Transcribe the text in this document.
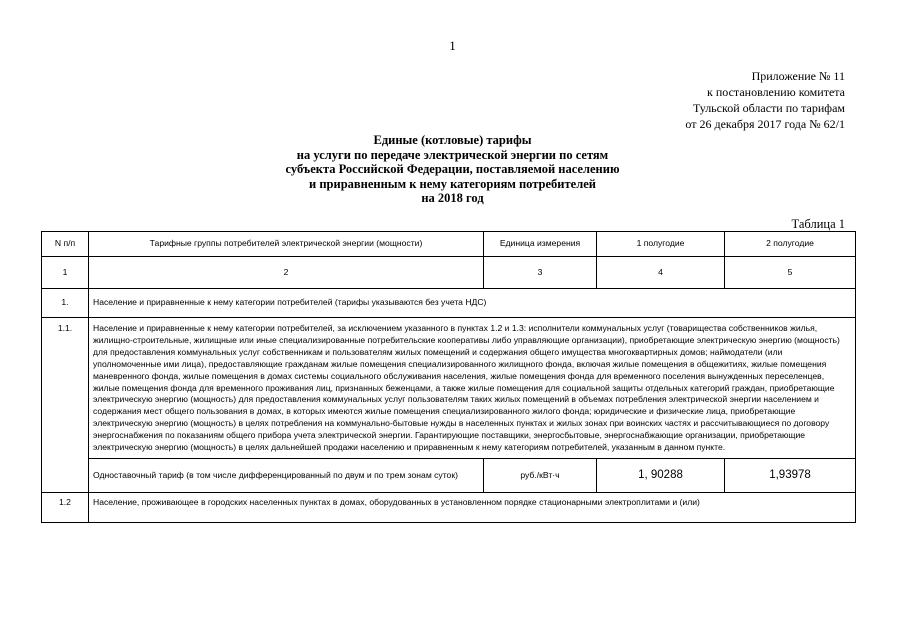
1
Приложение № 11
к постановлению комитета
Тульской области по тарифам
от 26 декабря 2017 года № 62/1
Единые (котловые) тарифы
на услуги по передаче электрической энергии по сетям
субъекта Российской Федерации, поставляемой населению
и приравненным к нему категориям потребителей
на 2018 год
Таблица 1
N п/п	Тарифные группы потребителей электрической энергии (мощности)	Единица измерения	1 полугодие	2 полугодие
1	2	3	4	5
1.	Население и приравненные к нему категории потребителей (тарифы указываются без учета НДС)			
1.1.	Население и приравненные к нему категории потребителей, за исключением указанного в пунктах 1.2 и 1.3: исполнители коммунальных услуг (товарищества собственников жилья, жилищно-строительные, жилищные или иные специализированные потребительские кооперативы либо управляющие организации), приобретающие электрическую энергию (мощность) для предоставления коммунальных услуг собственникам и пользователям жилых помещений и содержания общего имущества многоквартирных домов; наймодатели (или уполномоченные ими лица), предоставляющие гражданам жилые помещения специализированного жилищного фонда, включая жилые помещения в общежитиях, жилые помещения маневренного фонда, жилые помещения в домах системы социального обслуживания населения, жилые помещения фонда для временного поселения вынужденных переселенцев, жилые помещения фонда для временного проживания лиц, признанных беженцами, а также жилые помещения для социальной защиты отдельных категорий граждан, приобретающие электрическую энергию (мощность) для предоставления коммунальных услуг пользователям таких жилых помещений в объемах потребления электрической энергии населением и содержания мест общего пользования в домах, в которых имеются жилые помещения специализированного жилого фонда; юридические и физические лица, приобретающие электрическую энергию (мощность) в целях потребления на коммунально-бытовые нужды в населенных пунктах и жилых зонах при воинских частях и рассчитывающиеся по договору энергоснабжения по показаниям общего прибора учета электрической энергии. Гарантирующие поставщики, энергосбытовые, энергоснабжающие организации, приобретающие электрическую энергию (мощность) в целях дальнейшей продажи населению и приравненным к нему категориям потребителей, указанным в данном пункте.			
	Одноставочный тариф (в том числе дифференцированный по двум и по трем зонам суток)	руб./кВт·ч	1, 90288	1,93978
1.2	Население, проживающее в городских населенных пунктах в домах, оборудованных в установленном порядке стационарными электроплитами и (или)			
